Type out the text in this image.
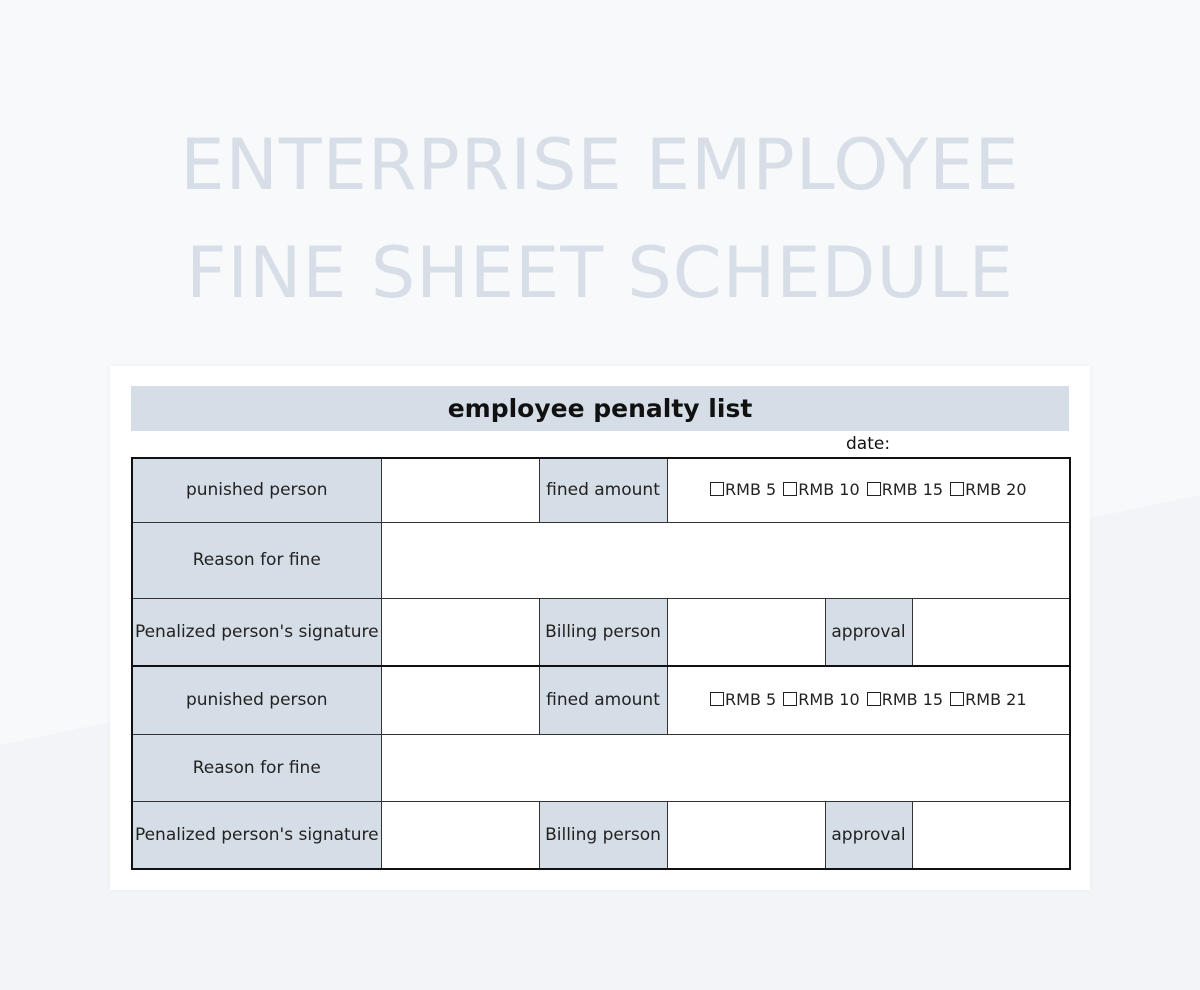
ENTERPRISE EMPLOYEE
FINE SHEET SCHEDULE
employee penalty list
date:
punished person		fined amount	RMB 5 RMB 10 RMB 15 RMB 20		
Reason for fine					
Penalized person's signature		Billing person		approval	
punished person		fined amount	RMB 5 RMB 10 RMB 15 RMB 21		
Reason for fine					
Penalized person's signature		Billing person		approval	
